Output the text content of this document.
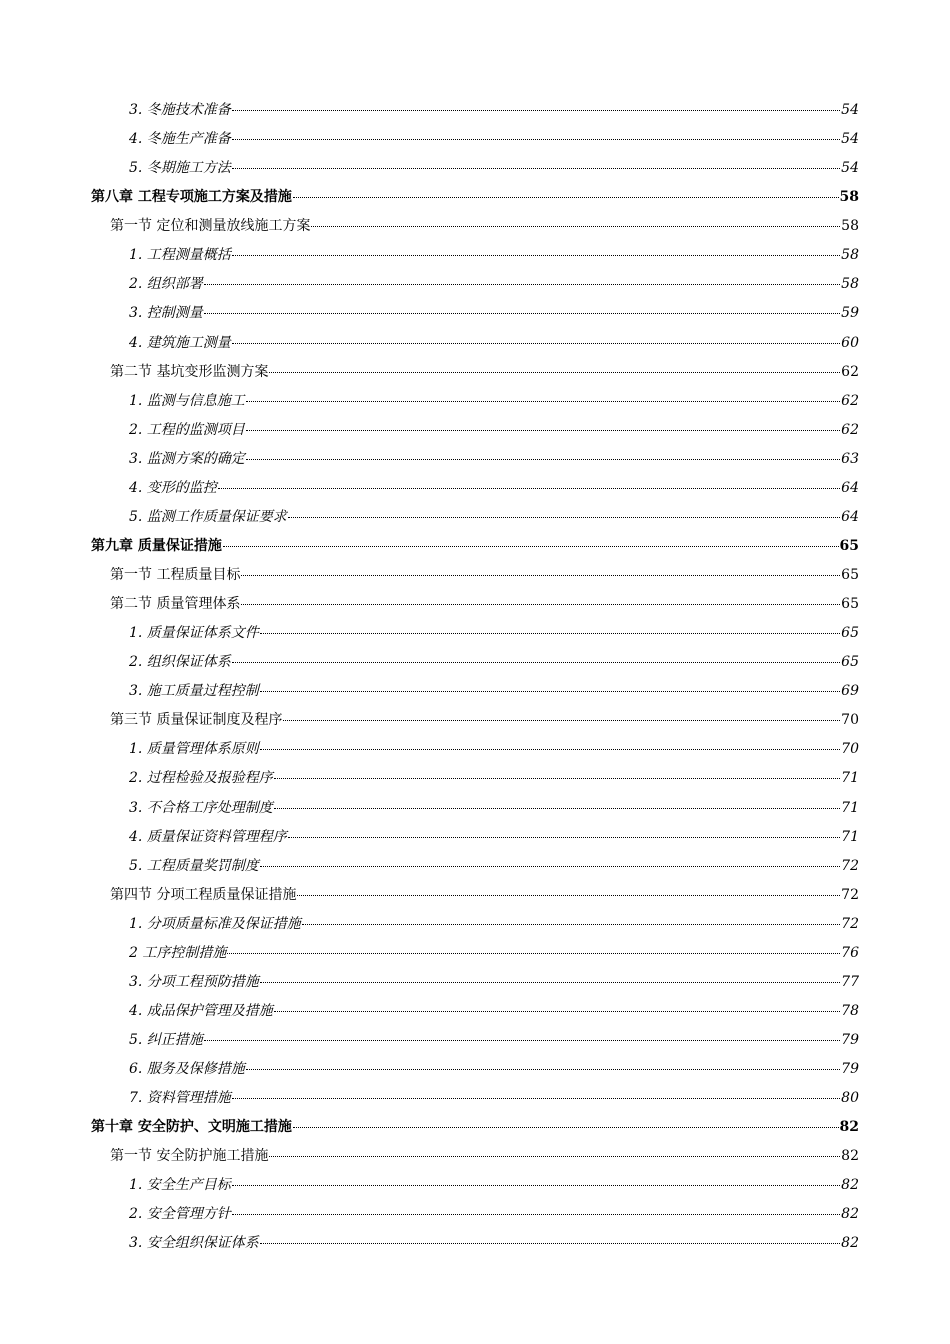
3. 冬施技术准备	54
4. 冬施生产准备	54
5. 冬期施工方法	54
第八章 工程专项施工方案及措施	58
第一节 定位和测量放线施工方案	58
1. 工程测量概括	58
2. 组织部署	58
3. 控制测量	59
4. 建筑施工测量	60
第二节 基坑变形监测方案	62
1. 监测与信息施工	62
2. 工程的监测项目	62
3. 监测方案的确定	63
4. 变形的监控	64
5. 监测工作质量保证要求	64
第九章 质量保证措施	65
第一节 工程质量目标	65
第二节 质量管理体系	65
1. 质量保证体系文件	65
2. 组织保证体系	65
3. 施工质量过程控制	69
第三节 质量保证制度及程序	70
1. 质量管理体系原则	70
2. 过程检验及报验程序	71
3. 不合格工序处理制度	71
4. 质量保证资料管理程序	71
5. 工程质量奖罚制度	72
第四节 分项工程质量保证措施	72
1. 分项质量标准及保证措施	72
2 工序控制措施	76
3. 分项工程预防措施	77
4. 成品保护管理及措施	78
5. 纠正措施	79
6. 服务及保修措施	79
7. 资料管理措施	80
第十章 安全防护、文明施工措施	82
第一节 安全防护施工措施	82
1. 安全生产目标	82
2. 安全管理方针	82
3. 安全组织保证体系	82
